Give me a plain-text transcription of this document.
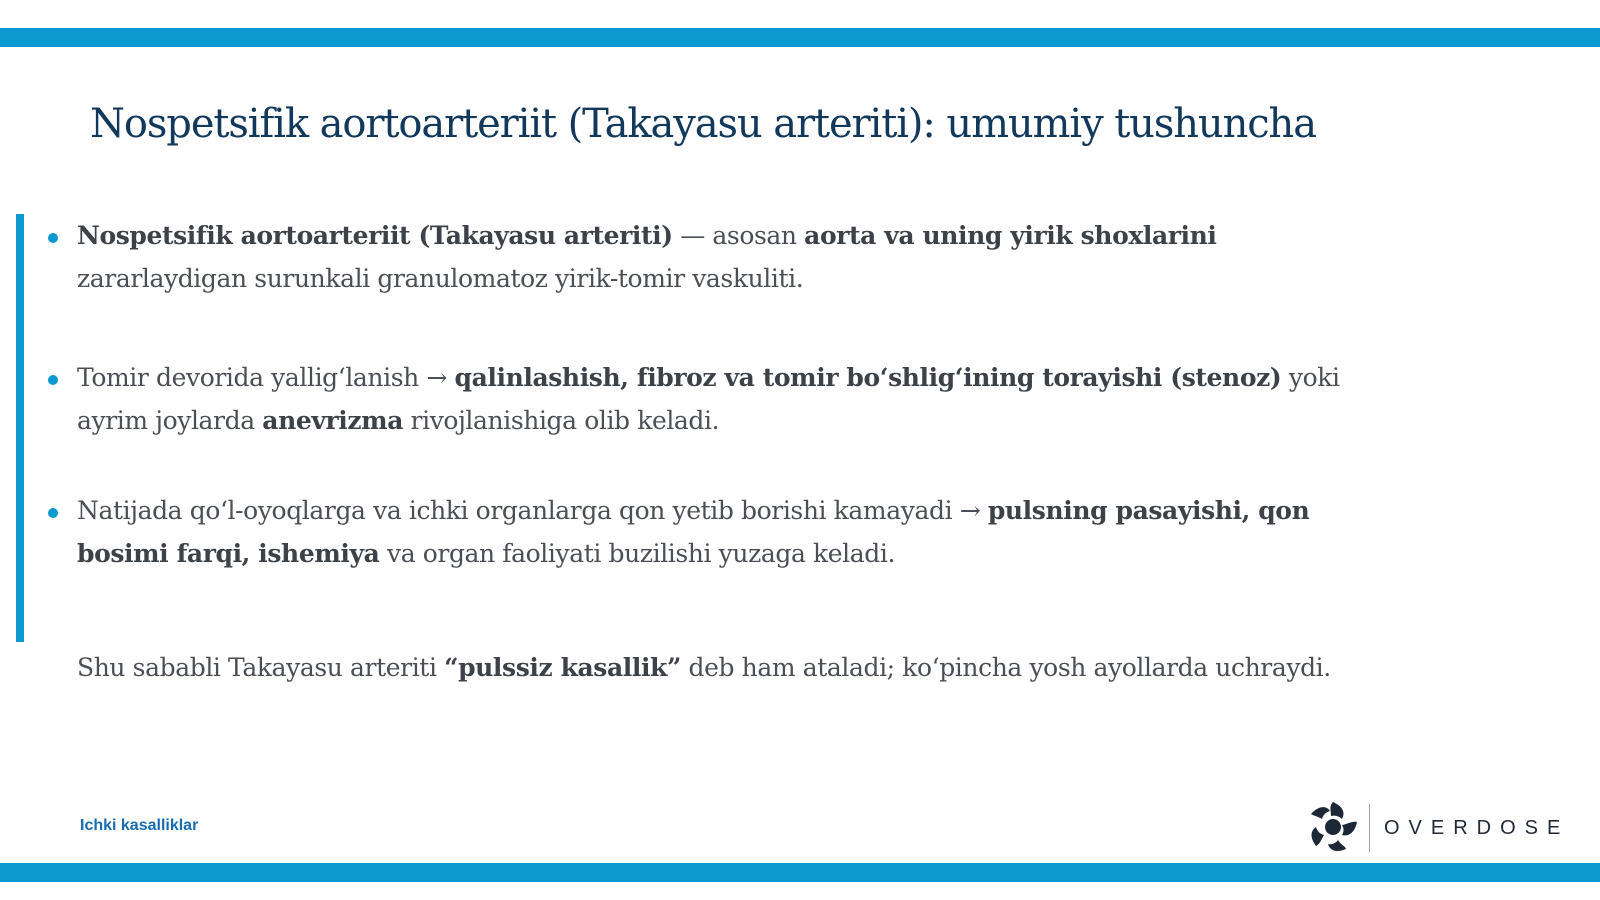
Nospetsifik aortoarteriit (Takayasu arteriti): umumiy tushuncha
Nospetsifik aortoarteriit (Takayasu arteriti) — asosan aorta va uning yirik shoxlarini zararlaydigan surunkali granulomatoz yirik-tomir vaskuliti.
Tomir devorida yallig‘lanish → qalinlashish, fibroz va tomir bo‘shlig‘ining torayishi (stenoz) yoki ayrim joylarda anevrizma rivojlanishiga olib keladi.
Natijada qo‘l-oyoqlarga va ichki organlarga qon yetib borishi kamayadi → pulsning pasayishi, qon bosimi farqi, ishemiya va organ faoliyati buzilishi yuzaga keladi.
Shu sababli Takayasu arteriti “pulssiz kasallik” deb ham ataladi; ko‘pincha yosh ayollarda uchraydi.
Ichki kasalliklar	OVERDOSE
